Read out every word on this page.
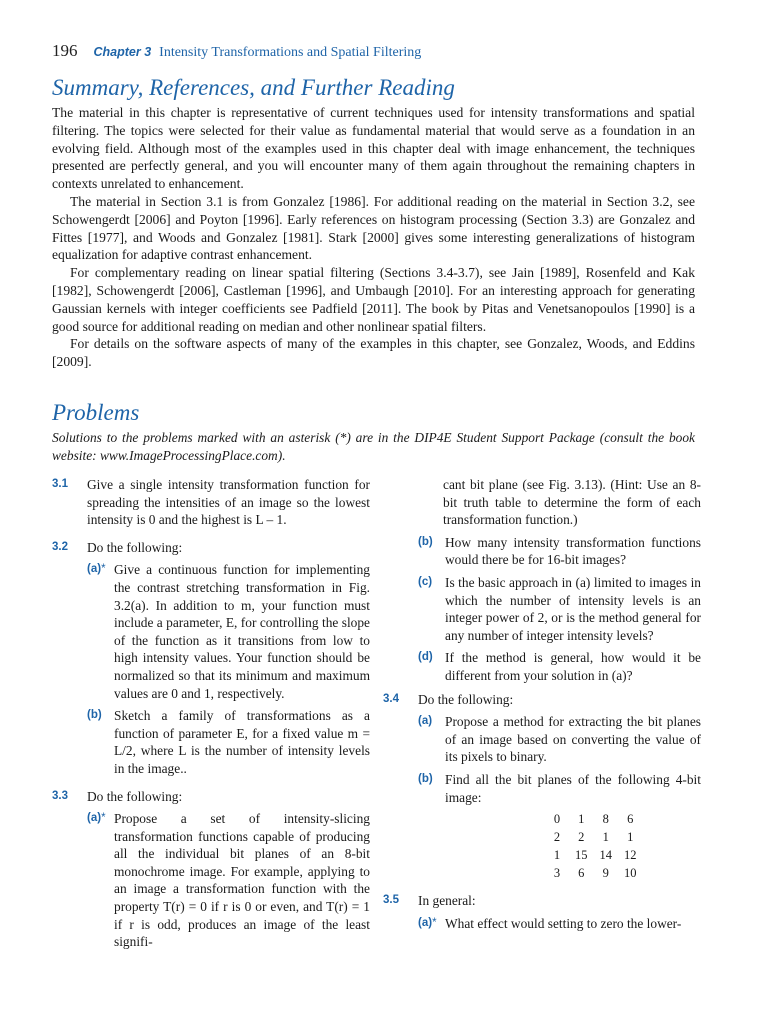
196 Chapter 3 Intensity Transformations and Spatial Filtering
Summary, References, and Further Reading

The material in this chapter is representative of current techniques used for intensity transformations and spatial filtering. The topics were selected for their value as fundamental material that would serve as a foundation in an evolving field. Although most of the examples used in this chapter deal with image enhancement, the techniques presented are perfectly general, and you will encounter many of them again throughout the remaining chapters in contexts unrelated to enhancement.

The material in Section 3.1 is from Gonzalez [1986]. For additional reading on the material in Section 3.2, see Schowengerdt [2006] and Poyton [1996]. Early references on histogram processing (Section 3.3) are Gonzalez and Fittes [1977], and Woods and Gonzalez [1981]. Stark [2000] gives some interesting generalizations of histogram equalization for adaptive contrast enhancement.

For complementary reading on linear spatial filtering (Sections 3.4-3.7), see Jain [1989], Rosenfeld and Kak [1982], Schowengerdt [2006], Castleman [1996], and Umbaugh [2010]. For an interesting approach for generating Gaussian kernels with integer coefficients see Padfield [2011]. The book by Pitas and Venetsanopoulos [1990] is a good source for additional reading on median and other nonlinear spatial filters.

For details on the software aspects of many of the examples in this chapter, see Gonzalez, Woods, and Eddins [2009].

Problems
Solutions to the problems marked with an asterisk (*) are in the DIP4E Student Support Package (consult the book website: www.ImageProcessingPlace.com).
3.1 Give a single intensity transformation function for spreading the intensities of an image so the lowest intensity is 0 and the highest is L – 1.
3.2 Do the following:
(a)* Give a continuous function for implementing the contrast stretching transformation in Fig. 3.2(a). In addition to m, your function must include a parameter, E, for controlling the slope of the function as it transitions from low to high intensity values. Your function should be normalized so that its minimum and maximum values are 0 and 1, respectively.
(b) Sketch a family of transformations as a function of parameter E, for a fixed value m = L/2, where L is the number of intensity levels in the image..
3.3 Do the following:
(a)* Propose a set of intensity-slicing transformation functions capable of producing all the individual bit planes of an 8-bit monochrome image. For example, applying to an image a transformation function with the property T(r) = 0 if r is 0 or even, and T(r) = 1 if r is odd, produces an image of the least signifi-
cant bit plane (see Fig. 3.13). (Hint: Use an 8-bit truth table to determine the form of each transformation function.)
(b) How many intensity transformation functions would there be for 16-bit images?
(c) Is the basic approach in (a) limited to images in which the number of intensity levels is an integer power of 2, or is the method general for any number of integer intensity levels?
(d) If the method is general, how would it be different from your solution in (a)?
3.4 Do the following:
(a) Propose a method for extracting the bit planes of an image based on converting the value of its pixels to binary.
(b) Find all the bit planes of the following 4-bit image:
0	1	8	6
2	2	1	1
1	15	14	12
3	6	9	10
3.5 In general:
(a)* What effect would setting to zero the lower-
